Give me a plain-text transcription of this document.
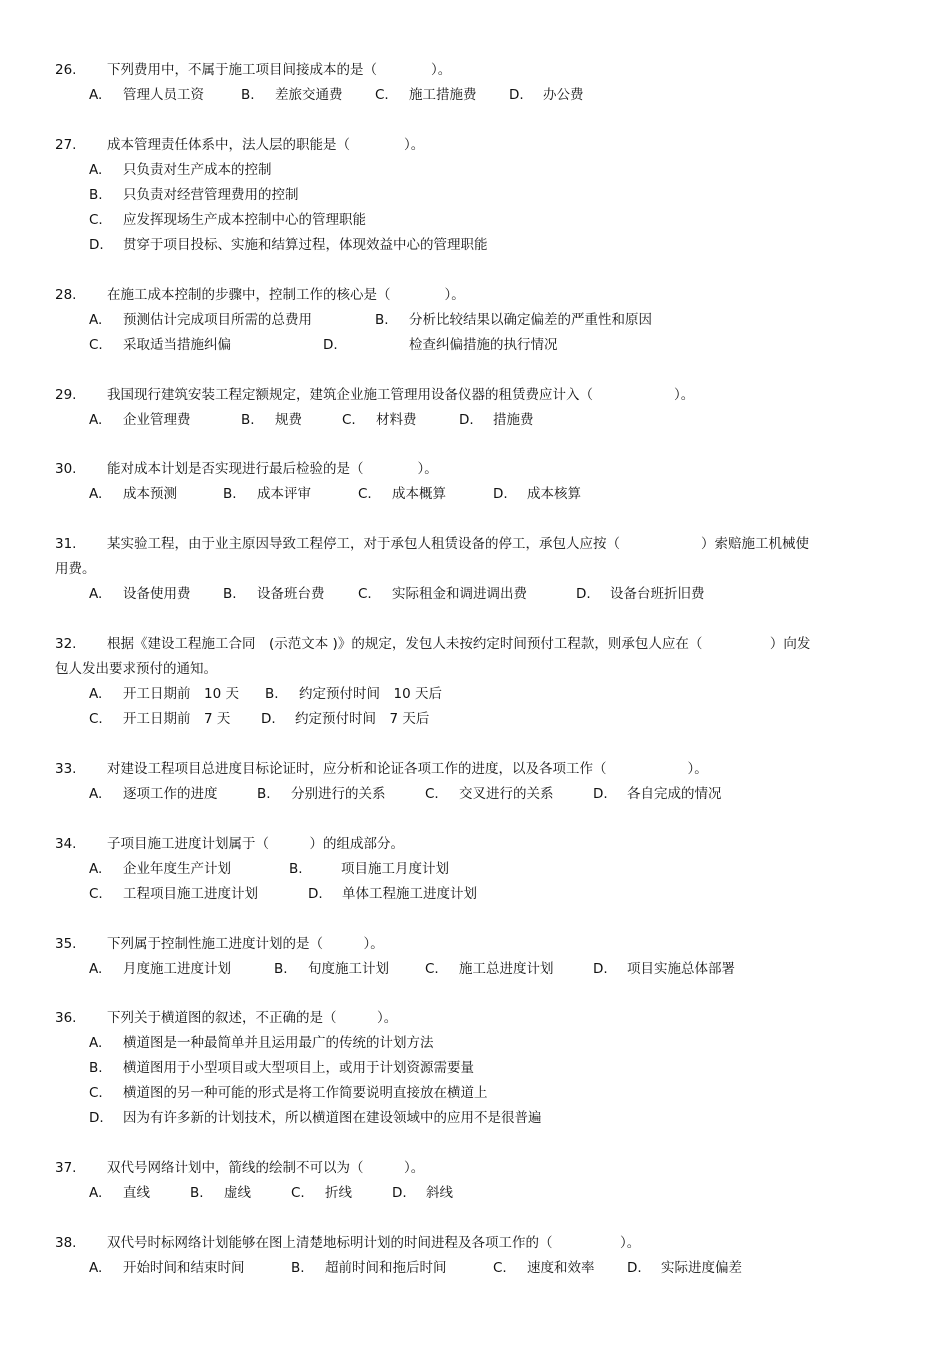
26. 下列费用中，不属于施工项目间接成本的是（　　　　）。
A. 管理人员工资	B. 差旅交通费 C. 施工措施费 D. 办公费
27. 成本管理责任体系中，法人层的职能是（　　　　）。
A. 只负责对生产成本的控制
B. 只负责对经营管理费用的控制
C. 应发挥现场生产成本控制中心的管理职能
D. 贯穿于项目投标、实施和结算过程，体现效益中心的管理职能
28. 在施工成本控制的步骤中，控制工作的核心是（　　　　）。
A. 预测估计完成项目所需的总费用	B. 分析比较结果以确定偏差的严重性和原因
C. 采取适当措施纠偏	D.	检查纠偏措施的执行情况
29. 我国现行建筑安装工程定额规定，建筑企业施工管理用设备仪器的租赁费应计入（　　　　　　）。
A. 企业管理费	B. 规费	C. 材料费	D. 措施费
30. 能对成本计划是否实现进行最后检验的是（　　　　）。
A. 成本预测	B. 成本评审	C. 成本概算	D. 成本核算
31. 某实验工程，由于业主原因导致工程停工，对于承包人租赁设备的停工，承包人应按（　　　　　　）索赔施工机械使
用费。
A. 设备使用费 B. 设备班台费 C. 实际租金和调进调出费	D. 设备台班折旧费
32. 根据《建设工程施工合同　(示范文本 )》的规定，发包人未按约定时间预付工程款，则承包人应在（　　　　　）向发
包人发出要求预付的通知。
A. 开工日期前　10 天 B. 约定预付时间　10 天后
C. 开工日期前　7 天 D. 约定预付时间　7 天后
33. 对建设工程项目总进度目标论证时，应分析和论证各项工作的进度，以及各项工作（　　　　　　）。
A. 逐项工作的进度	B. 分别进行的关系	C. 交叉进行的关系	D. 各自完成的情况
34. 子项目施工进度计划属于（　　　）的组成部分。
A. 企业年度生产计划	B.	项目施工月度计划
C. 工程项目施工进度计划	D. 单体工程施工进度计划
35. 下列属于控制性施工进度计划的是（　　　）。
A. 月度施工进度计划	B. 旬度施工计划	C. 施工总进度计划	D. 项目实施总体部署
36. 下列关于横道图的叙述，不正确的是（　　　）。
A. 横道图是一种最简单并且运用最广的传统的计划方法
B. 横道图用于小型项目或大型项目上，或用于计划资源需要量
C. 横道图的另一种可能的形式是将工作简要说明直接放在横道上
D. 因为有许多新的计划技术，所以横道图在建设领域中的应用不是很普遍
37. 双代号网络计划中，箭线的绘制不可以为（　　　）。
A. 直线	B. 虚线	C. 折线	D. 斜线
38. 双代号时标网络计划能够在图上清楚地标明计划的时间进程及各项工作的（　　　　　）。
A. 开始时间和结束时间	B. 超前时间和拖后时间	C. 速度和效率 D. 实际进度偏差
